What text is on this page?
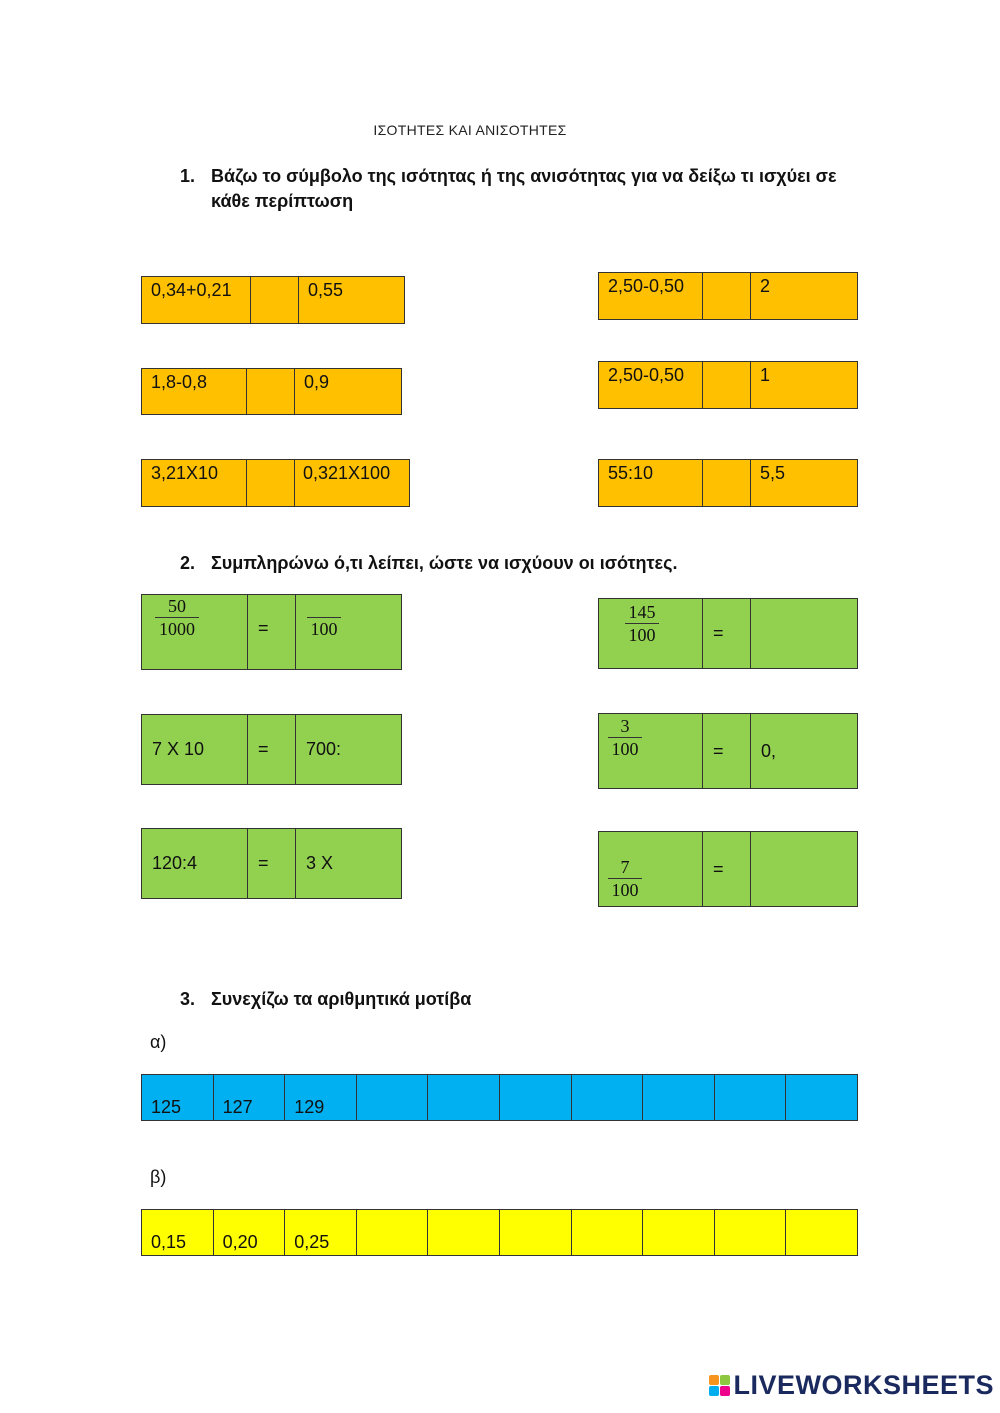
ΙΣΟΤΗΤΕΣ ΚΑΙ ΑΝΙΣΟΤΗΤΕΣ
1. Βάζω το σύμβολο της ισότητας ή της ανισότητας για να δείξω τι ισχύει σε κάθε περίπτωση
0,34+0,21	0,55	2,50-0,50	2
1,8-0,8	0,9	2,50-0,50	1
3,21X10	0,321X100	55:10	5,5
2. Συμπληρώνω ό,τι λείπει, ώστε να ισχύουν οι ισότητες.
$\frac{50}{1000}$	=	100	$\frac{145}{100}$	=
7 X 10	=	700:	$\frac{3}{100}$	=	0,
120:4	=	3 X	$\frac{7}{100}$	=
3. Συνεχίζω τα αριθμητικά μοτίβα
α)
125	127	129
β)
0,15	0,20	0,25
LIVEWORKSHEETS
